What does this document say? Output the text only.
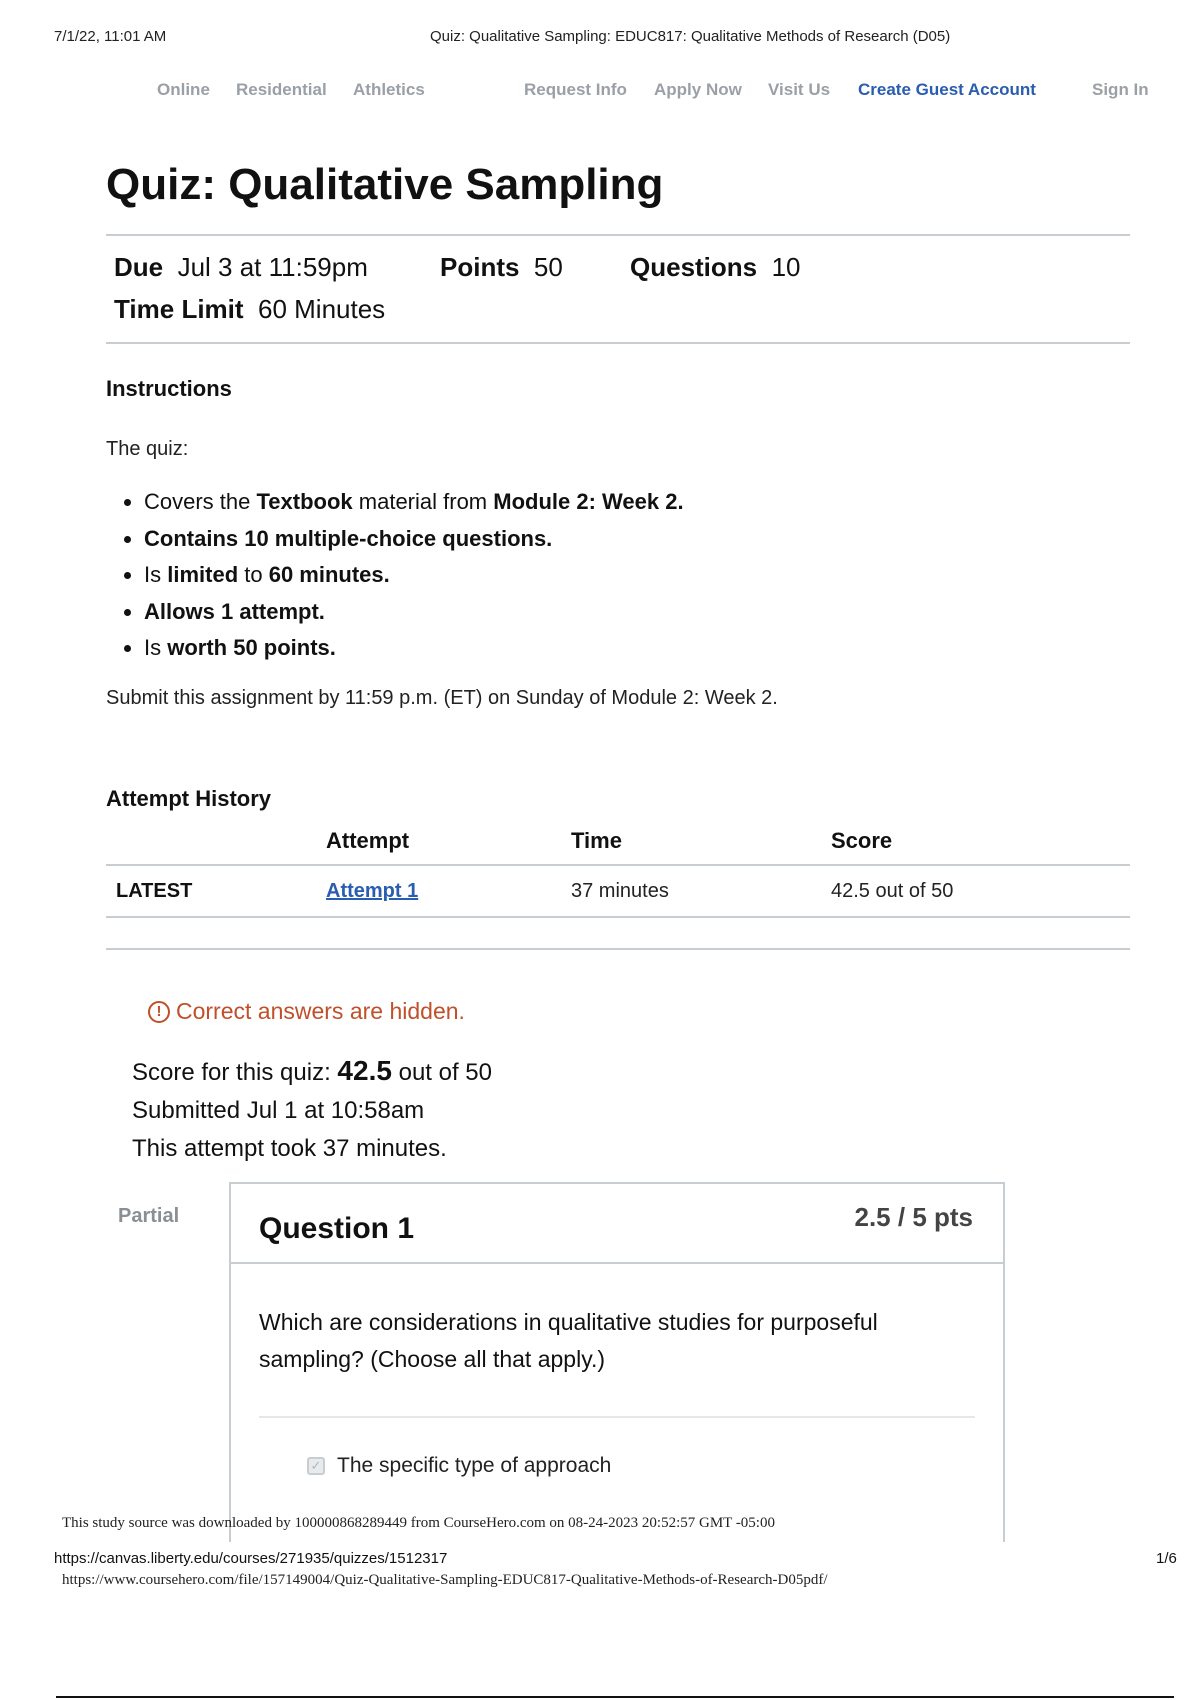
7/1/22, 11:01 AM	Quiz: Qualitative Sampling: EDUC817: Qualitative Methods of Research (D05)
Online Residential Athletics	Request Info Apply Now Visit Us Create Guest Account	Sign In
Quiz: Qualitative Sampling
Due Jul 3 at 11:59pm	Points 50	Questions 10
Time Limit 60 Minutes
Instructions
The quiz:
• Covers the Textbook material from Module 2: Week 2.
• Contains 10 multiple-choice questions.
• Is limited to 60 minutes.
• Allows 1 attempt.
• Is worth 50 points.
Submit this assignment by 11:59 p.m. (ET) on Sunday of Module 2: Week 2.
Attempt History
	Attempt	Time	Score
LATEST	Attempt 1	37 minutes	42.5 out of 50
! Correct answers are hidden.
Score for this quiz: 42.5 out of 50
Submitted Jul 1 at 10:58am
This attempt took 37 minutes.
Partial	Question 1	2.5 / 5 pts
Which are considerations in qualitative studies for purposeful sampling? (Choose all that apply.)
✓ The specific type of approach
This study source was downloaded by 100000868289449 from CourseHero.com on 08-24-2023 20:52:57 GMT -05:00
https://canvas.liberty.edu/courses/271935/quizzes/1512317	1/6
https://www.coursehero.com/file/157149004/Quiz-Qualitative-Sampling-EDUC817-Qualitative-Methods-of-Research-D05pdf/
